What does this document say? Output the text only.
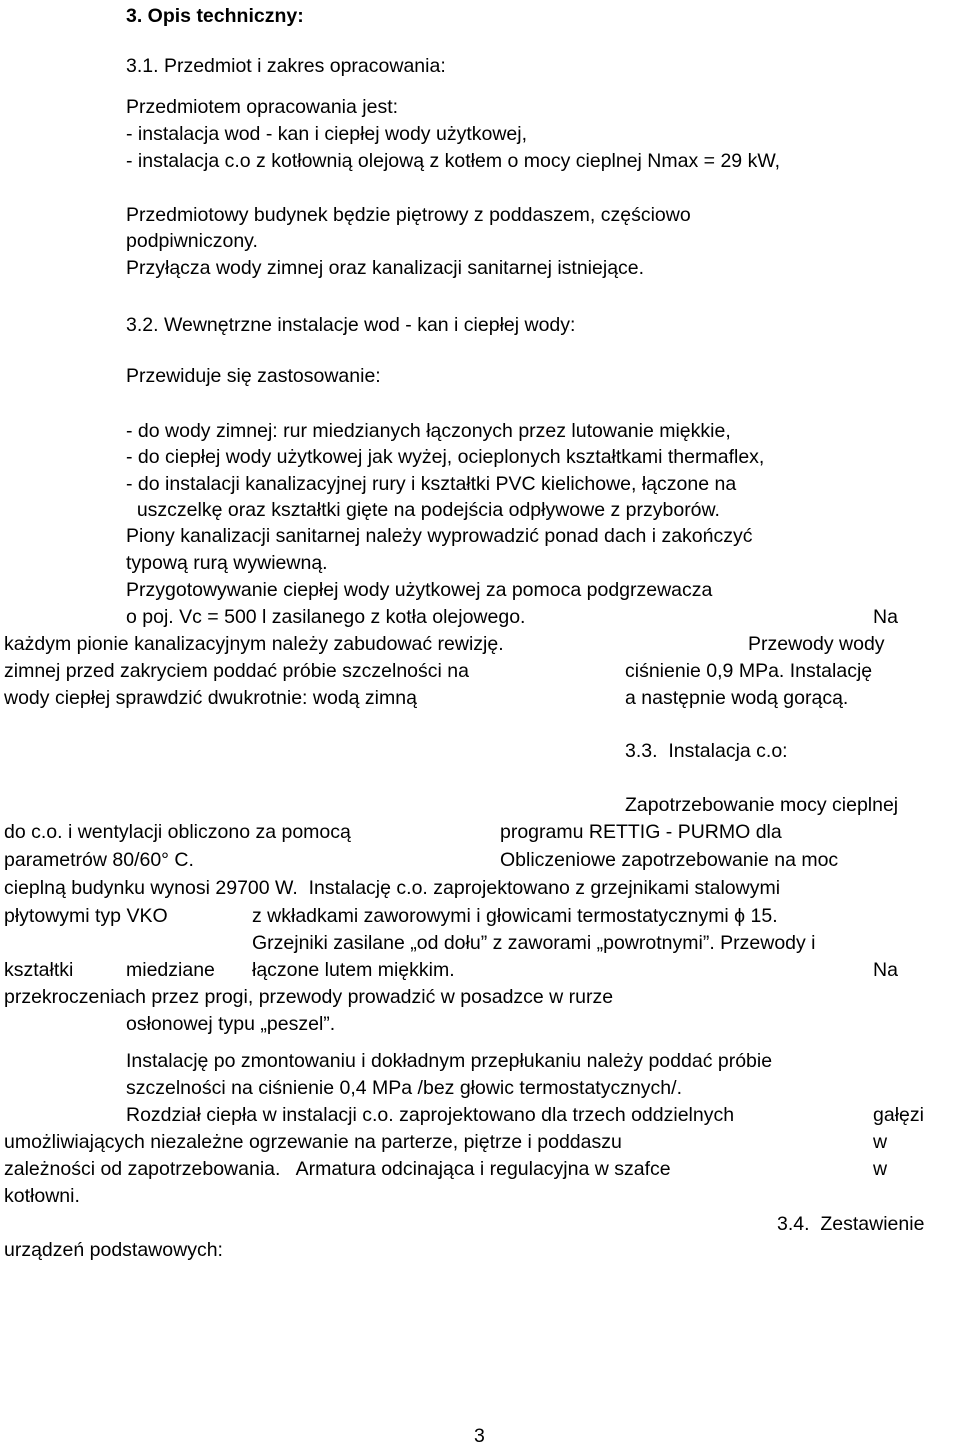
3. Opis techniczny:
3.1. Przedmiot i zakres opracowania:
Przedmiotem opracowania jest:
- instalacja wod - kan i ciepłej wody użytkowej,
- instalacja c.o z kotłownią olejową z kotłem o mocy cieplnej Nmax = 29 kW,
Przedmiotowy budynek będzie piętrowy z poddaszem, częściowo
podpiwniczony.
Przyłącza wody zimnej oraz kanalizacji sanitarnej istniejące.
3.2. Wewnętrzne instalacje wod - kan i ciepłej wody:
Przewiduje się zastosowanie:
- do wody zimnej: rur miedzianych łączonych przez lutowanie miękkie,
- do ciepłej wody użytkowej jak wyżej, ocieplonych kształtkami thermaflex,
- do instalacji kanalizacyjnej rury i kształtki PVC kielichowe, łączone na
uszczelkę oraz kształtki gięte na podejścia odpływowe z przyborów.
Piony kanalizacji sanitarnej należy wyprowadzić ponad dach i zakończyć
typową rurą wywiewną.
Przygotowywanie ciepłej wody użytkowej za pomoca podgrzewacza
o poj. Vc = 500 l zasilanego z kotła olejowego.	Na
każdym pionie kanalizacyjnym należy zabudować rewizję.	Przewody wody
zimnej przed zakryciem poddać próbie szczelności na	ciśnienie 0,9 MPa. Instalację
wody ciepłej sprawdzić dwukrotnie: wodą zimną	a następnie wodą gorącą.
3.3.  Instalacja c.o:
Zapotrzebowanie mocy cieplnej
do c.o. i wentylacji obliczono za pomocą	programu RETTIG - PURMO dla
parametrów 80/60° C.	Obliczeniowe zapotrzebowanie na moc
cieplną budynku wynosi 29700 W.  Instalację c.o. zaprojektowano z grzejnikami stalowymi
płytowymi typ VKO	z wkładkami zaworowymi i głowicami termostatycznymi ϕ 15.
Grzejniki zasilane „od dołu” z zaworami „powrotnymi”. Przewody i
kształtki	miedziane łączone lutem miękkim.	Na
przekroczeniach przez progi, przewody prowadzić w posadzce w rurze
osłonowej typu „peszel”.
Instalację po zmontowaniu i dokładnym przepłukaniu należy poddać próbie
szczelności na ciśnienie 0,4 MPa /bez głowic termostatycznych/.
Rozdział ciepła w instalacji c.o. zaprojektowano dla trzech oddzielnych	gałęzi
umożliwiających niezależne ogrzewanie na parterze, piętrze i poddaszu	w
zależności od zapotrzebowania.   Armatura odcinająca i regulacyjna w szafce	w
kotłowni.
3.4.  Zestawienie
urządzeń podstawowych:
3
